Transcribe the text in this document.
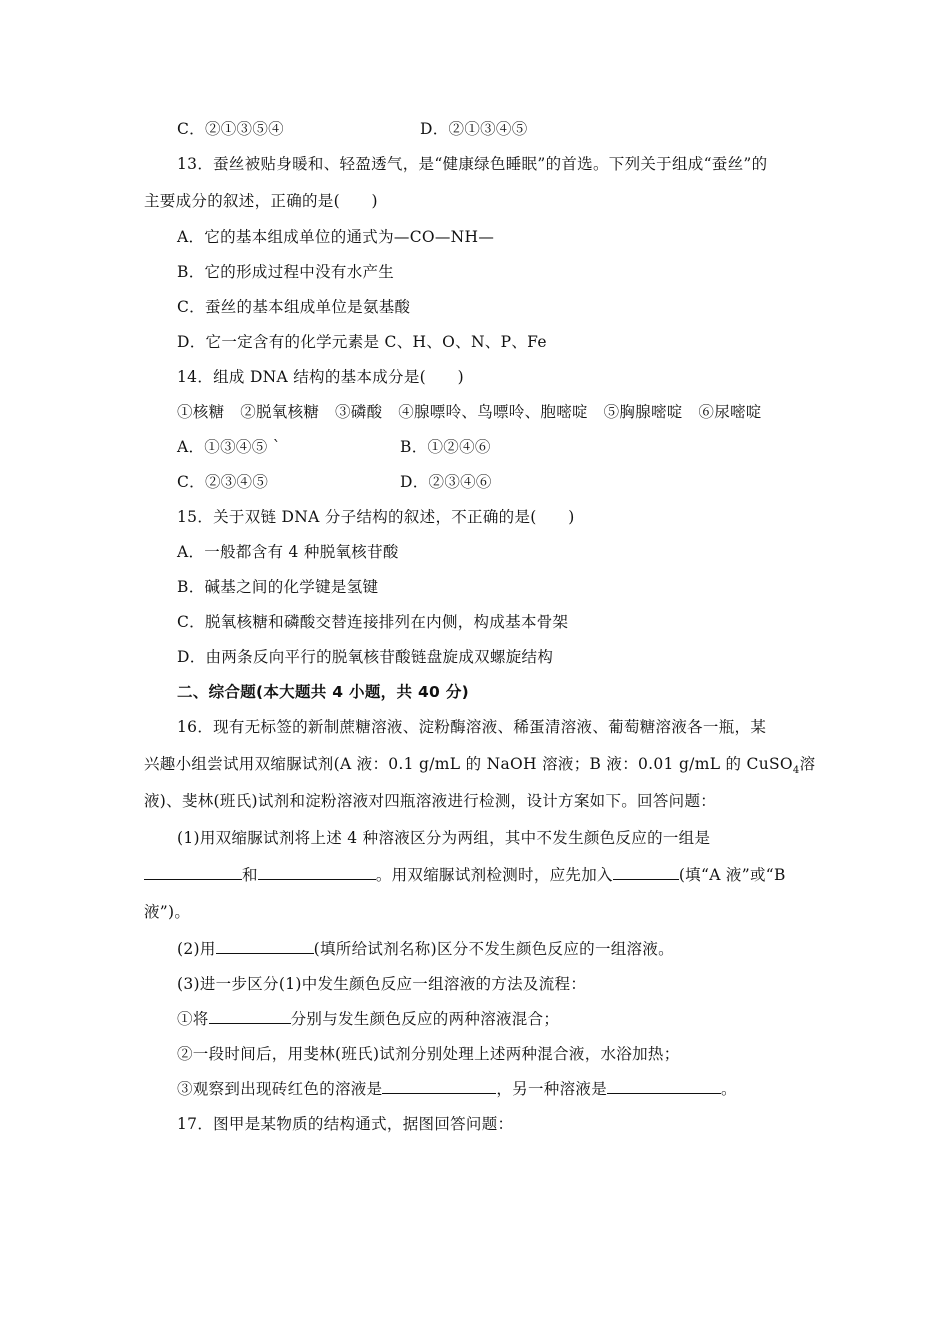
C．②①③⑤④	D．②①③④⑤
13．蚕丝被贴身暖和、轻盈透气，是“健康绿色睡眠”的首选。下列关于组成“蚕丝”的
主要成分的叙述，正确的是(　　)
A．它的基本组成单位的通式为—CO—NH—
B．它的形成过程中没有水产生
C．蚕丝的基本组成单位是氨基酸
D．它一定含有的化学元素是 C、H、O、N、P、Fe
14．组成 DNA 结构的基本成分是(　　)
①核糖　②脱氧核糖　③磷酸　④腺嘌呤、鸟嘌呤、胞嘧啶　⑤胸腺嘧啶　⑥尿嘧啶
A．①③④⑤ `	B．①②④⑥
C．②③④⑤	D．②③④⑥
15．关于双链 DNA 分子结构的叙述，不正确的是(　　)
A．一般都含有 4 种脱氧核苷酸
B．碱基之间的化学键是氢键
C．脱氧核糖和磷酸交替连接排列在内侧，构成基本骨架
D．由两条反向平行的脱氧核苷酸链盘旋成双螺旋结构
二、综合题(本大题共 4 小题，共 40 分)
16．现有无标签的新制蔗糖溶液、淀粉酶溶液、稀蛋清溶液、葡萄糖溶液各一瓶，某
兴趣小组尝试用双缩脲试剂(A 液：0.1 g/mL 的 NaOH 溶液；B 液：0.01 g/mL 的 CuSO$_4$溶
液)、斐林(班氏)试剂和淀粉溶液对四瓶溶液进行检测，设计方案如下。回答问题：
(1)用双缩脲试剂将上述 4 种溶液区分为两组，其中不发生颜色反应的一组是
和	。用双缩脲试剂检测时，应先加入	(填“A 液”或“B
液”)。
(2)用	(填所给试剂名称)区分不发生颜色反应的一组溶液。
(3)进一步区分(1)中发生颜色反应一组溶液的方法及流程：
①将	分别与发生颜色反应的两种溶液混合；
②一段时间后，用斐林(班氏)试剂分别处理上述两种混合液，水浴加热；
③观察到出现砖红色的溶液是	，另一种溶液是	。
17．图甲是某物质的结构通式，据图回答问题：
